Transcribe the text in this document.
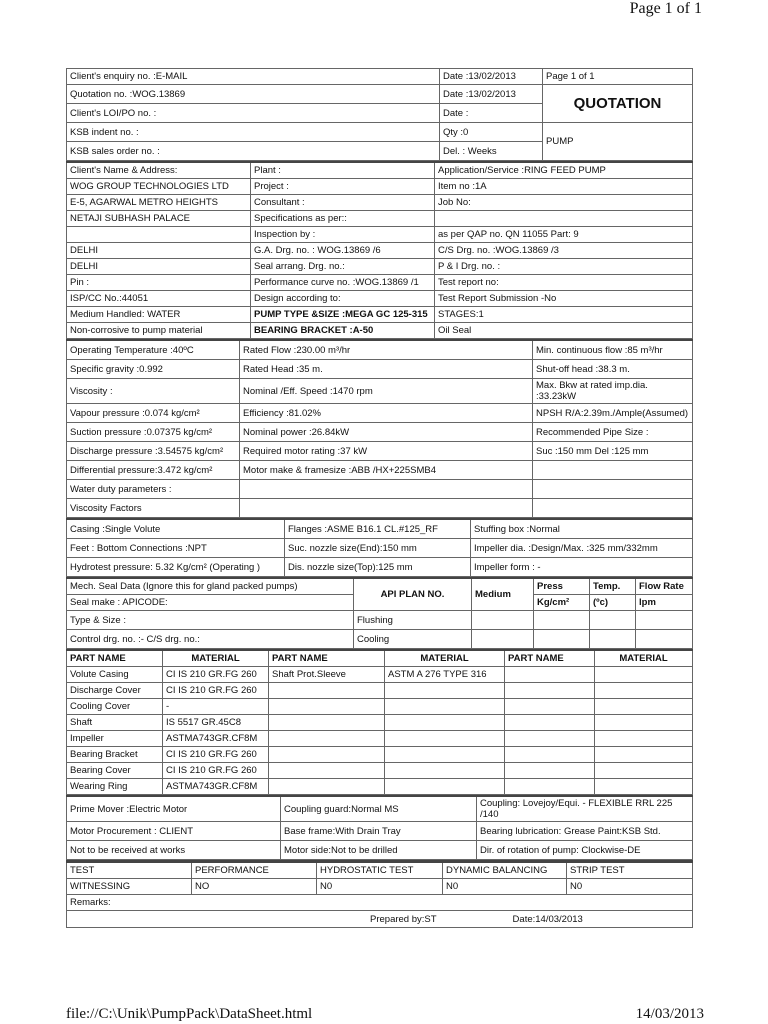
Page 1 of 1
Client's enquiry no. :E-MAIL	Date :13/02/2013	Page 1 of 1
Quotation no. :WOG.13869	Date :13/02/2013	QUOTATION
Client's LOI/PO no. :	Date :	
KSB indent no. :	Qty :0	PUMP
KSB sales order no. :	Del. : Weeks	
Client's Name & Address:	Plant :	Application/Service :RING FEED PUMP
WOG GROUP TECHNOLOGIES LTD	Project :	Item no :1A
E-5, AGARWAL METRO HEIGHTS	Consultant :	Job No:
NETAJI SUBHASH PALACE	Specifications as per::	
	Inspection by :	as per QAP no. QN 11055 Part: 9
DELHI	G.A. Drg. no. : WOG.13869 /6	C/S Drg. no. :WOG.13869 /3
DELHI	Seal arrang. Drg. no.:	P & I Drg. no. :
Pin :	Performance curve no. :WOG.13869 /1	Test report no:
ISP/CC No.:44051	Design according to:	Test Report Submission -No
Medium Handled: WATER	PUMP TYPE &SIZE :MEGA GC 125-315	STAGES:1
Non-corrosive to pump material	BEARING BRACKET :A-50	Oil Seal
Operating Temperature :40ºC	Rated Flow :230.00 m³/hr	Min. continuous flow :85 m³/hr
Specific gravity :0.992	Rated Head :35 m.	Shut-off head :38.3 m.
Viscosity :	Nominal /Eff. Speed :1470 rpm	Max. Bkw at rated imp.dia. :33.23kW
Vapour pressure :0.074 kg/cm²	Efficiency :81.02%	NPSH R/A:2.39m./Ample(Assumed)
Suction pressure :0.07375 kg/cm²	Nominal power :26.84kW	Recommended Pipe Size :
Discharge pressure :3.54575 kg/cm²	Required motor rating :37 kW	Suc :150 mm Del :125 mm
Differential pressure:3.472 kg/cm²	Motor make & framesize :ABB /HX+225SMB4	
Water duty parameters :		
Viscosity Factors		
Casing :Single Volute	Flanges :ASME B16.1 CL.#125_RF	Stuffing box :Normal
Feet : Bottom Connections :NPT	Suc. nozzle size(End):150 mm	Impeller dia. :Design/Max. :325 mm/332mm
Hydrotest pressure: 5.32 Kg/cm² (Operating )	Dis. nozzle size(Top):125 mm	Impeller form : -
Mech. Seal Data (Ignore this for gland packed pumps)	API PLAN NO.	Medium	Press	Temp.	Flow Rate
Seal make : APICODE:			Kg/cm²	(ºc)	lpm
Type & Size :	Flushing				
Control drg. no. :- C/S drg. no.:	Cooling				
PART NAME	MATERIAL	PART NAME	MATERIAL	PART NAME	MATERIAL
Volute Casing	CI IS 210 GR.FG 260	Shaft Prot.Sleeve	ASTM A 276 TYPE 316		
Discharge Cover	CI IS 210 GR.FG 260				
Cooling Cover	-				
Shaft	IS 5517 GR.45C8				
Impeller	ASTMA743GR.CF8M				
Bearing Bracket	CI IS 210 GR.FG 260				
Bearing Cover	CI IS 210 GR.FG 260				
Wearing Ring	ASTMA743GR.CF8M				
Prime Mover :Electric Motor	Coupling guard:Normal MS	Coupling: Lovejoy/Equi. - FLEXIBLE RRL 225 /140
Motor Procurement : CLIENT	Base frame:With Drain Tray	Bearing lubrication: Grease Paint:KSB Std.
Not to be received at works	Motor side:Not to be drilled	Dir. of rotation of pump: Clockwise-DE
TEST	PERFORMANCE	HYDROSTATIC TEST	DYNAMIC BALANCING	STRIP TEST
WITNESSING	NO	N0	N0	N0
Remarks:				
Prepared by:ST Date:14/03/2013				
file://C:\Unik\PumpPack\DataSheet.html	14/03/2013
